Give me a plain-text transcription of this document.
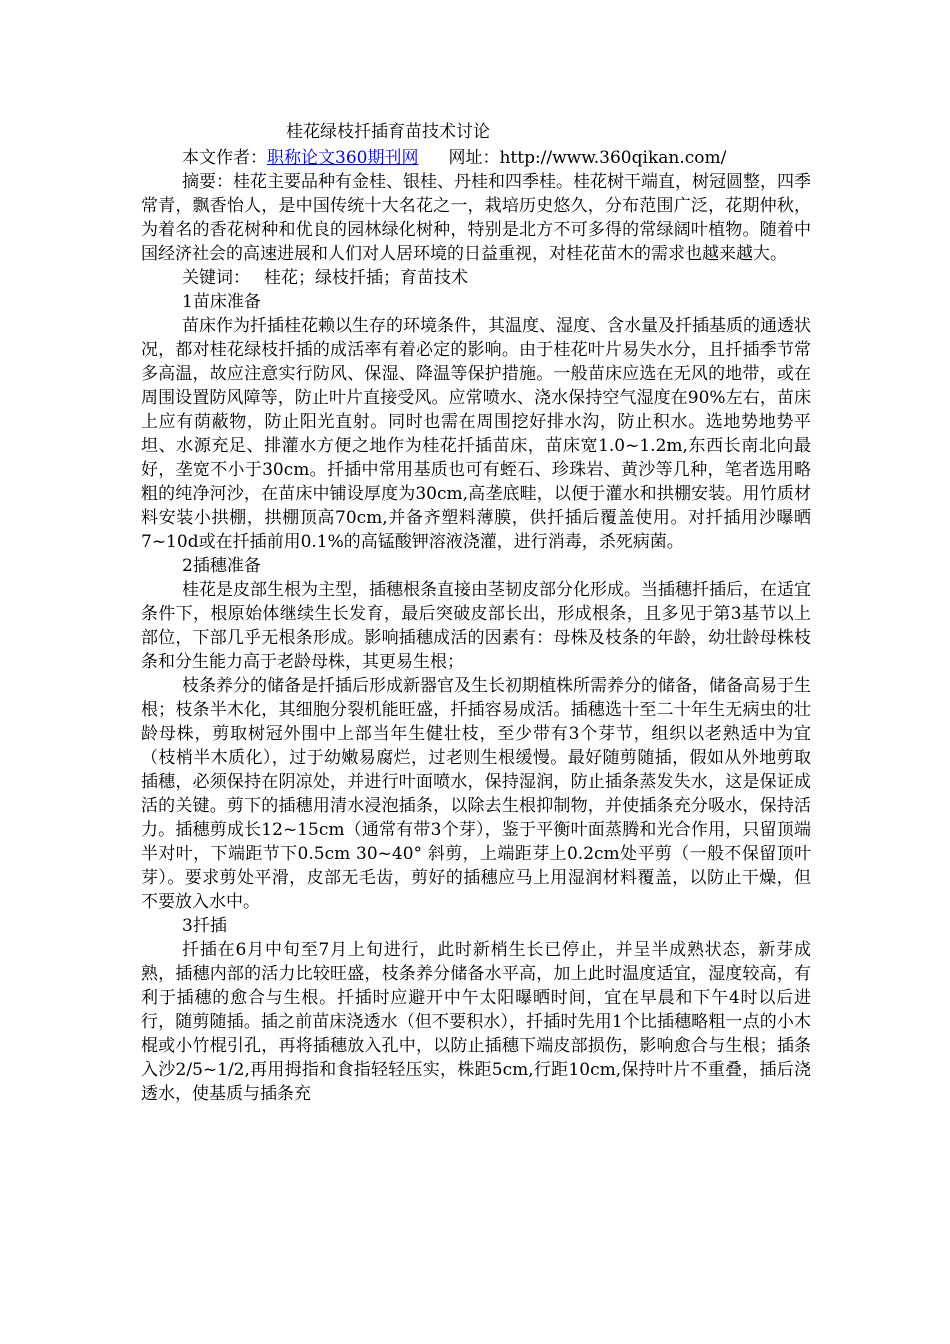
桂花绿枝扦插育苗技术讨论
本文作者：职称论文360期刊网 网址：http://www.360qikan.com/

摘要：桂花主要品种有金桂、银桂、丹桂和四季桂。桂花树干端直，树冠圆整，四季常青，飘香怡人，是中国传统十大名花之一，栽培历史悠久，分布范围广泛，花期仲秋，为着名的香花树种和优良的园林绿化树种，特别是北方不可多得的常绿阔叶植物。随着中国经济社会的高速进展和人们对人居环境的日益重视，对桂花苗木的需求也越来越大。

关键词： 桂花；绿枝扦插；育苗技术

1苗床准备

苗床作为扦插桂花赖以生存的环境条件，其温度、湿度、含水量及扦插基质的通透状况，都对桂花绿枝扦插的成活率有着必定的影响。由于桂花叶片易失水分，且扦插季节常多高温，故应注意实行防风、保湿、降温等保护措施。一般苗床应选在无风的地带，或在周围设置防风障等，防止叶片直接受风。应常喷水、浇水保持空气湿度在90%左右，苗床上应有荫蔽物，防止阳光直射。同时也需在周围挖好排水沟，防止积水。选地势地势平坦、水源充足、排灌水方便之地作为桂花扦插苗床，苗床宽1.0~1.2m,东西长南北向最好，垄宽不小于30cm。扦插中常用基质也可有蛭石、珍珠岩、黄沙等几种，笔者选用略粗的纯净河沙，在苗床中铺设厚度为30cm,高垄底畦，以便于灌水和拱棚安装。用竹质材料安装小拱棚，拱棚顶高70cm,并备齐塑料薄膜，供扦插后覆盖使用。对扦插用沙曝晒7~10d或在扦插前用0.1%的高锰酸钾溶液浇灌，进行消毒，杀死病菌。

2插穗准备

桂花是皮部生根为主型，插穗根条直接由茎韧皮部分化形成。当插穗扦插后，在适宜条件下，根原始体继续生长发育，最后突破皮部长出，形成根条，且多见于第3基节以上部位，下部几乎无根条形成。影响插穗成活的因素有：母株及枝条的年龄，幼壮龄母株枝条和分生能力高于老龄母株，其更易生根；

枝条养分的储备是扦插后形成新器官及生长初期植株所需养分的储备，储备高易于生根；枝条半木化，其细胞分裂机能旺盛，扦插容易成活。插穗选十至二十年生无病虫的壮龄母株，剪取树冠外围中上部当年生健壮枝，至少带有3个芽节，组织以老熟适中为宜（枝梢半木质化），过于幼嫩易腐烂，过老则生根缓慢。最好随剪随插，假如从外地剪取插穗，必须保持在阴凉处，并进行叶面喷水，保持湿润，防止插条蒸发失水，这是保证成活的关键。剪下的插穗用清水浸泡插条，以除去生根抑制物，并使插条充分吸水，保持活力。插穗剪成长12~15cm（通常有带3个芽），鉴于平衡叶面蒸腾和光合作用，只留顶端半对叶，下端距节下0.5cm 30~40° 斜剪，上端距芽上0.2cm处平剪（一般不保留顶叶芽）。要求剪处平滑，皮部无毛齿，剪好的插穗应马上用湿润材料覆盖，以防止干燥，但不要放入水中。

3扦插

扦插在6月中旬至7月上旬进行，此时新梢生长已停止，并呈半成熟状态，新芽成熟，插穗内部的活力比较旺盛，枝条养分储备水平高，加上此时温度适宜，湿度较高，有利于插穗的愈合与生根。扦插时应避开中午太阳曝晒时间，宜在早晨和下午4时以后进行，随剪随插。插之前苗床浇透水（但不要积水），扦插时先用1个比插穗略粗一点的小木棍或小竹棍引孔，再将插穗放入孔中，以防止插穗下端皮部损伤，影响愈合与生根；插条入沙2/5~1/2,再用拇指和食指轻轻压实，株距5cm,行距10cm,保持叶片不重叠，插后浇透水，使基质与插条充
